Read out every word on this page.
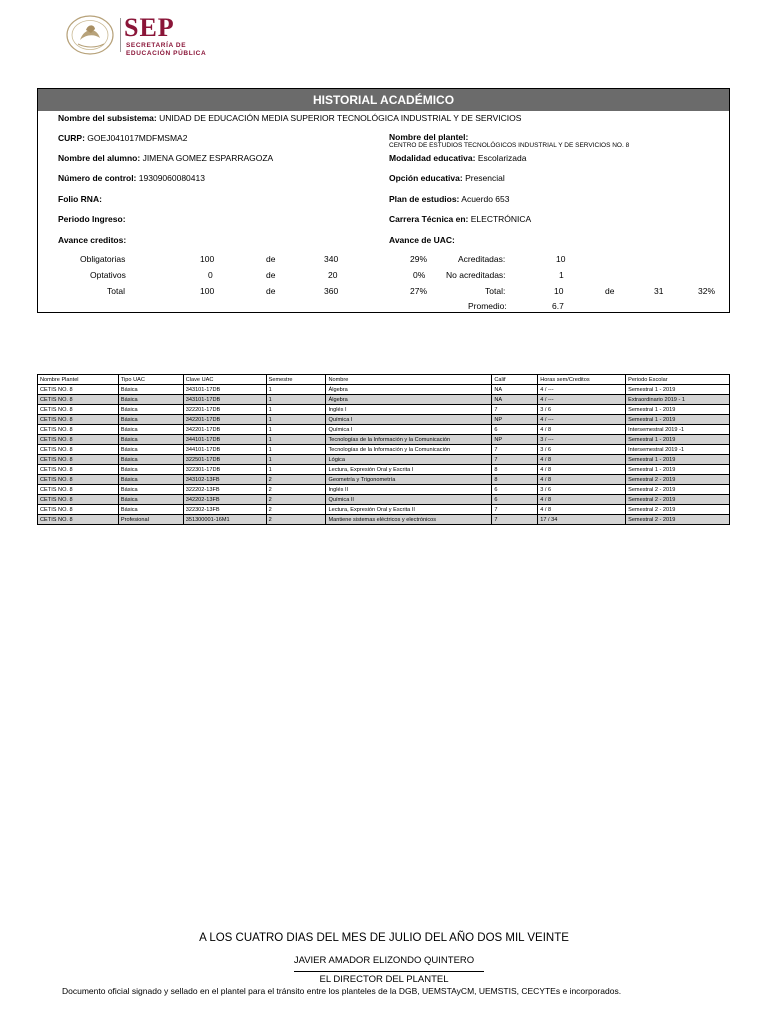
SEP
SECRETARÍA DE
EDUCACIÓN PÚBLICA
HISTORIAL ACADÉMICO
Nombre del subsistema: UNIDAD DE EDUCACIÓN MEDIA SUPERIOR TECNOLÓGICA INDUSTRIAL Y DE SERVICIOS
CURP: GOEJ041017MDFMSMA2	Nombre del plantel:
CENTRO DE ESTUDIOS TECNOLÓGICOS INDUSTRIAL Y DE SERVICIOS NO. 8
Nombre del alumno: JIMENA GOMEZ ESPARRAGOZA	Modalidad educativa: Escolarizada
Número de control: 19309060080413	Opción educativa: Presencial
Folio RNA:	Plan de estudios: Acuerdo 653
Periodo Ingreso:	Carrera Técnica en: ELECTRÓNICA
Avance creditos:	Avance de UAC:
Obligatorias	100	de	340	29%	Acreditadas:	10
Optativos	0	de	20	0% No acreditadas:	1
Total	100	de	360	27%	Total:	10	de	31	32%
Promedio:	6.7
Nombre Plantel	Tipo UAC	Clave UAC	Semestre	Nombre	Calif	Horas sem/Creditos	Periodo Escolar
CETIS NO. 8	Básica	343101-17DB	1	Álgebra	NA	4 / ---	Semestral 1 - 2019
CETIS NO. 8	Básica	343101-17DB	1	Álgebra	NA	4 / ---	Extraordinario 2019 - 1
CETIS NO. 8	Básica	322201-17DB	1	Inglés I	7	3 / 6	Semestral 1 - 2019
CETIS NO. 8	Básica	342201-17DB	1	Química I	NP	4 / ---	Semestral 1 - 2019
CETIS NO. 8	Básica	342201-17DB	1	Química I	6	4 / 8	Intersemestral 2019 -1
CETIS NO. 8	Básica	344101-17DB	1	Tecnologías de la Información y la Comunicación	NP	3 / ---	Semestral 1 - 2019
CETIS NO. 8	Básica	344101-17DB	1	Tecnologías de la Información y la Comunicación	7	3 / 6	Intersemestral 2019 -1
CETIS NO. 8	Básica	322501-17DB	1	Lógica	7	4 / 8	Semestral 1 - 2019
CETIS NO. 8	Básica	322301-17DB	1	Lectura, Expresión Oral y Escrita I	8	4 / 8	Semestral 1 - 2019
CETIS NO. 8	Básica	343102-13FB	2	Geometría y Trigonometría	8	4 / 8	Semestral 2 - 2019
CETIS NO. 8	Básica	322202-13FB	2	Inglés II	6	3 / 6	Semestral 2 - 2019
CETIS NO. 8	Básica	342202-13FB	2	Química II	6	4 / 8	Semestral 2 - 2019
CETIS NO. 8	Básica	322302-13FB	2	Lectura, Expresión Oral y Escrita II	7	4 / 8	Semestral 2 - 2019
CETIS NO. 8	Profesional	351300001-16M1	2	Mantiene sistemas eléctricos y electrónicos	7	17 / 34	Semestral 2 - 2019
A LOS CUATRO DIAS DEL MES DE JULIO DEL AÑO DOS MIL VEINTE
JAVIER AMADOR ELIZONDO QUINTERO
EL DIRECTOR DEL PLANTEL
Documento oficial signado y sellado en el plantel para el tránsito entre los planteles de la DGB, UEMSTAyCM, UEMSTIS, CECYTEs e incorporados.
